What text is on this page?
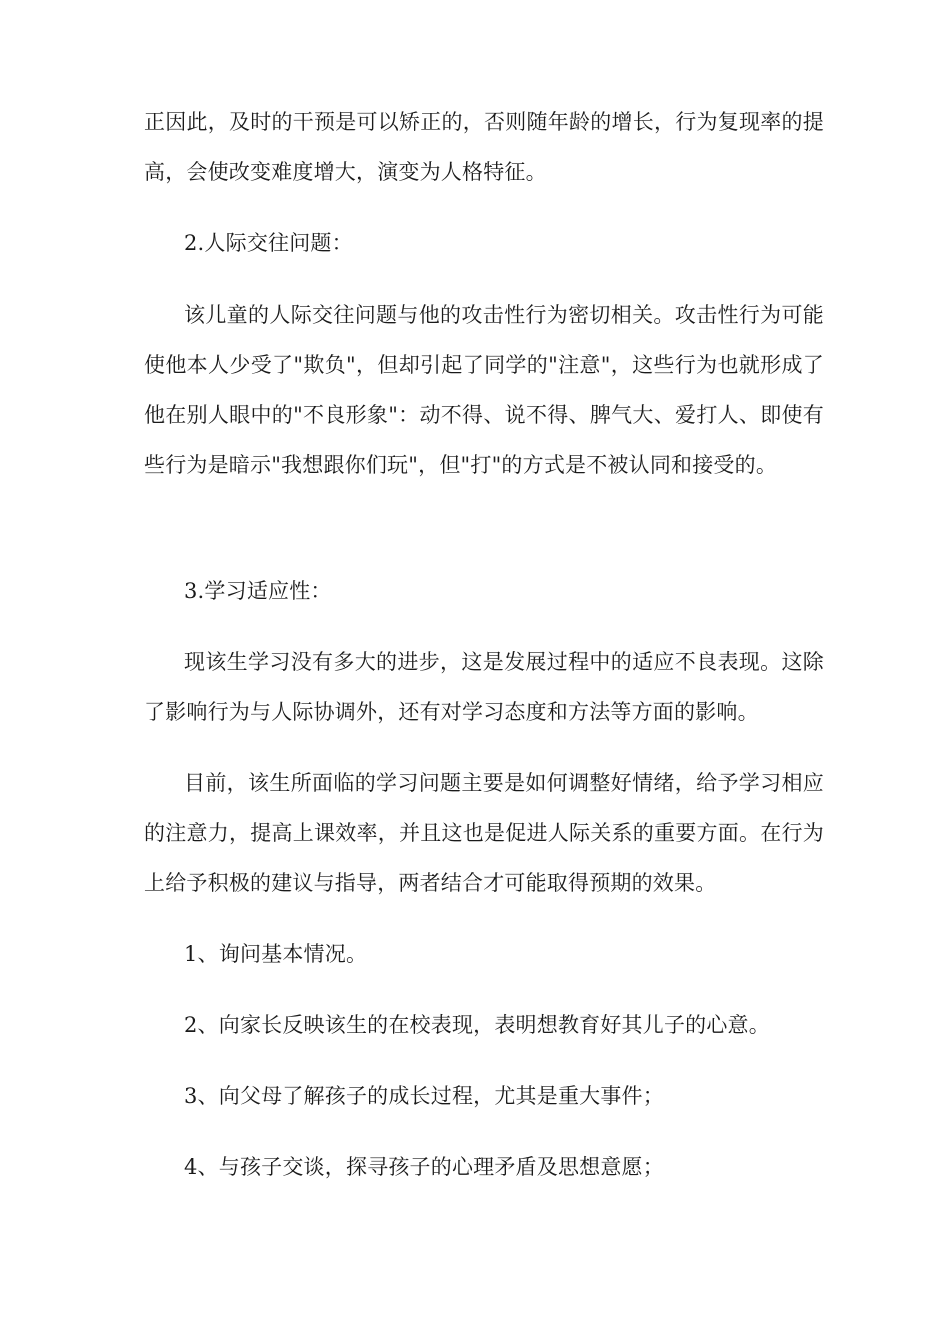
正因此，及时的干预是可以矫正的，否则随年龄的增长，行为复现率的提高，会使改变难度增大，演变为人格特征。

2.人际交往问题：

该儿童的人际交往问题与他的攻击性行为密切相关。攻击性行为可能使他本人少受了"欺负"，但却引起了同学的"注意"，这些行为也就形成了他在别人眼中的"不良形象"：动不得、说不得、脾气大、爱打人、即使有些行为是暗示"我想跟你们玩"，但"打"的方式是不被认同和接受的。

3.学习适应性：

现该生学习没有多大的进步，这是发展过程中的适应不良表现。这除了影响行为与人际协调外，还有对学习态度和方法等方面的影响。

目前，该生所面临的学习问题主要是如何调整好情绪，给予学习相应的注意力，提高上课效率，并且这也是促进人际关系的重要方面。在行为上给予积极的建议与指导，两者结合才可能取得预期的效果。

1、询问基本情况。

2、向家长反映该生的在校表现，表明想教育好其儿子的心意。

3、向父母了解孩子的成长过程，尤其是重大事件；

4、与孩子交谈，探寻孩子的心理矛盾及思想意愿；
